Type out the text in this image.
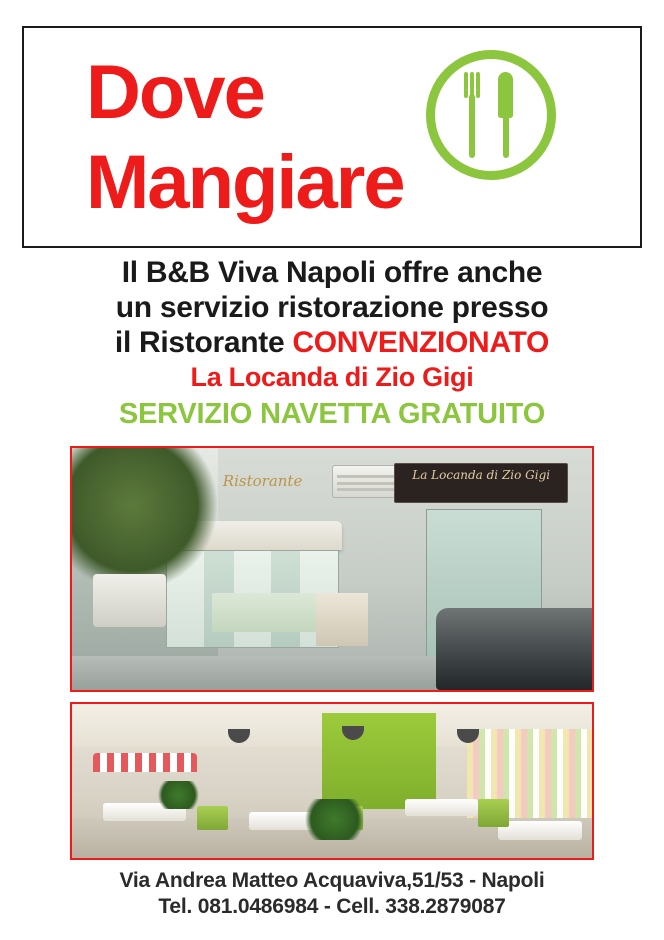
Dove
Mangiare
Il B&B Viva Napoli offre anche
un servizio ristorazione presso
il Ristorante CONVENZIONATO
La Locanda di Zio Gigi
SERVIZIO NAVETTA GRATUITO
La Locanda di Zio Gigi
Ristorante
Via Andrea Matteo Acquaviva,51/53 - Napoli
Tel. 081.0486984 - Cell. 338.2879087
